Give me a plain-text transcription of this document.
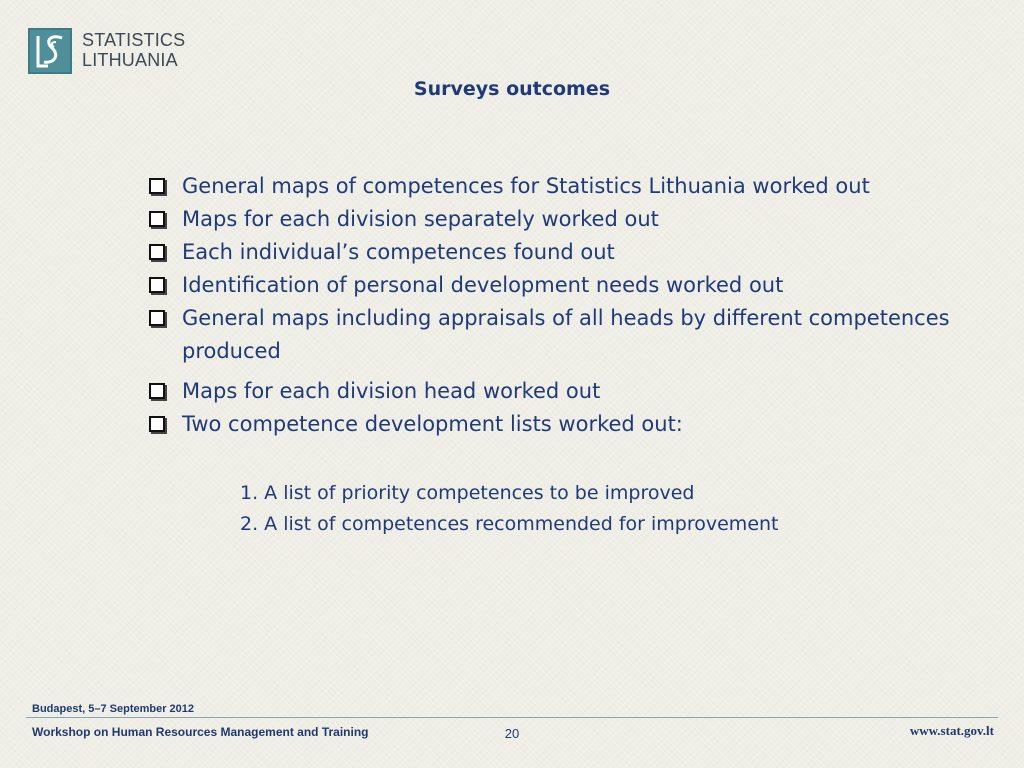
STATISTICS
LITHUANIA
Surveys outcomes
General maps of competences for Statistics Lithuania worked out
Maps for each division separately worked out
Each individual’s competences found out
Identification of personal development needs worked out
General maps including appraisals of all heads by different competences produced
Maps for each division head worked out
Two competence development lists worked out:
1. A list of priority competences to be improved
2. A list of competences recommended for improvement
Budapest, 5–7 September 2012
Workshop on Human Resources Management and Training	20	www.stat.gov.lt
